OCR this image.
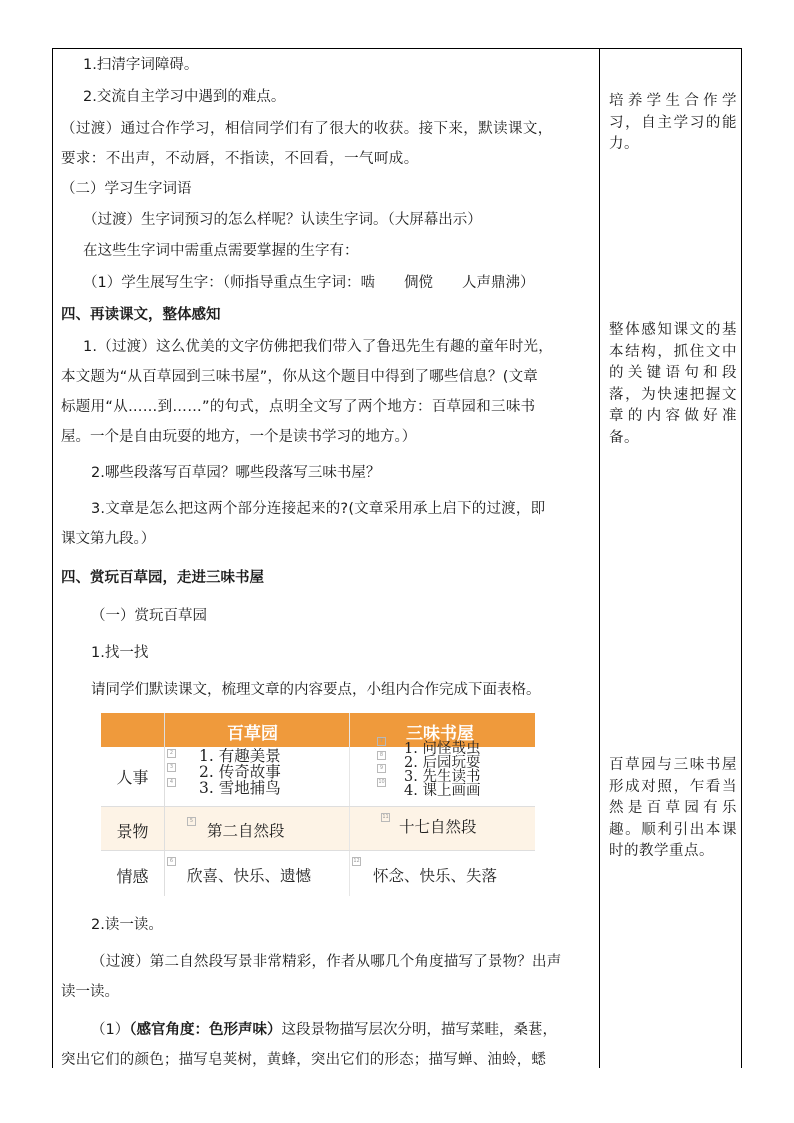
1.扫清字词障碍。
2.交流自主学习中遇到的难点。
（过渡）通过合作学习，相信同学们有了很大的收获。接下来，默读课文，
要求：不出声，不动唇，不指读，不回看，一气呵成。
（二）学习生字词语
（过渡）生字词预习的怎么样呢？认读生字词。（大屏幕出示）
在这些生字词中需重点需要掌握的生字有：
（1）学生展写生字：（师指导重点生字词：啮　　倜傥　　人声鼎沸）
四、再读课文，整体感知
1.（过渡）这么优美的文字仿佛把我们带入了鲁迅先生有趣的童年时光，
本文题为“从百草园到三味书屋”，你从这个题目中得到了哪些信息？(文章
标题用“从……到……”的句式，点明全文写了两个地方：百草园和三味书
屋。一个是自由玩耍的地方，一个是读书学习的地方。）
2.哪些段落写百草园？哪些段落写三味书屋？
3.文章是怎么把这两个部分连接起来的?(文章采用承上启下的过渡，即
课文第九段。）
四、赏玩百草园，走进三味书屋
（一）赏玩百草园
1.找一找
请同学们默读课文，梳理文章的内容要点，小组内合作完成下面表格。
百草园	三味书屋
人事
景物
情感
2
3
4
1. 有趣美景
2. 传奇故事
3. 雪地捕鸟
7
8
9
10
1. 问怪哉虫
2. 后园玩耍
3. 先生读书
4. 课上画画
5
第二自然段
11
十七自然段
6
欣喜、快乐、遗憾
12
怀念、快乐、失落
2.读一读。
（过渡）第二自然段写景非常精彩，作者从哪几个角度描写了景物？出声
读一读。
（1）（感官角度：色形声味）这段景物描写层次分明，描写菜畦，桑葚，
突出它们的颜色；描写皂荚树，黄蜂，突出它们的形态；描写蝉、油蛉，蟋
培养学生合作学习，自主学习的能力。
整体感知课文的基本结构，抓住文中的关键语句和段落，为快速把握文章的内容做好准备。
百草园与三味书屋形成对照，乍看当然是百草园有乐趣。顺利引出本课时的教学重点。
